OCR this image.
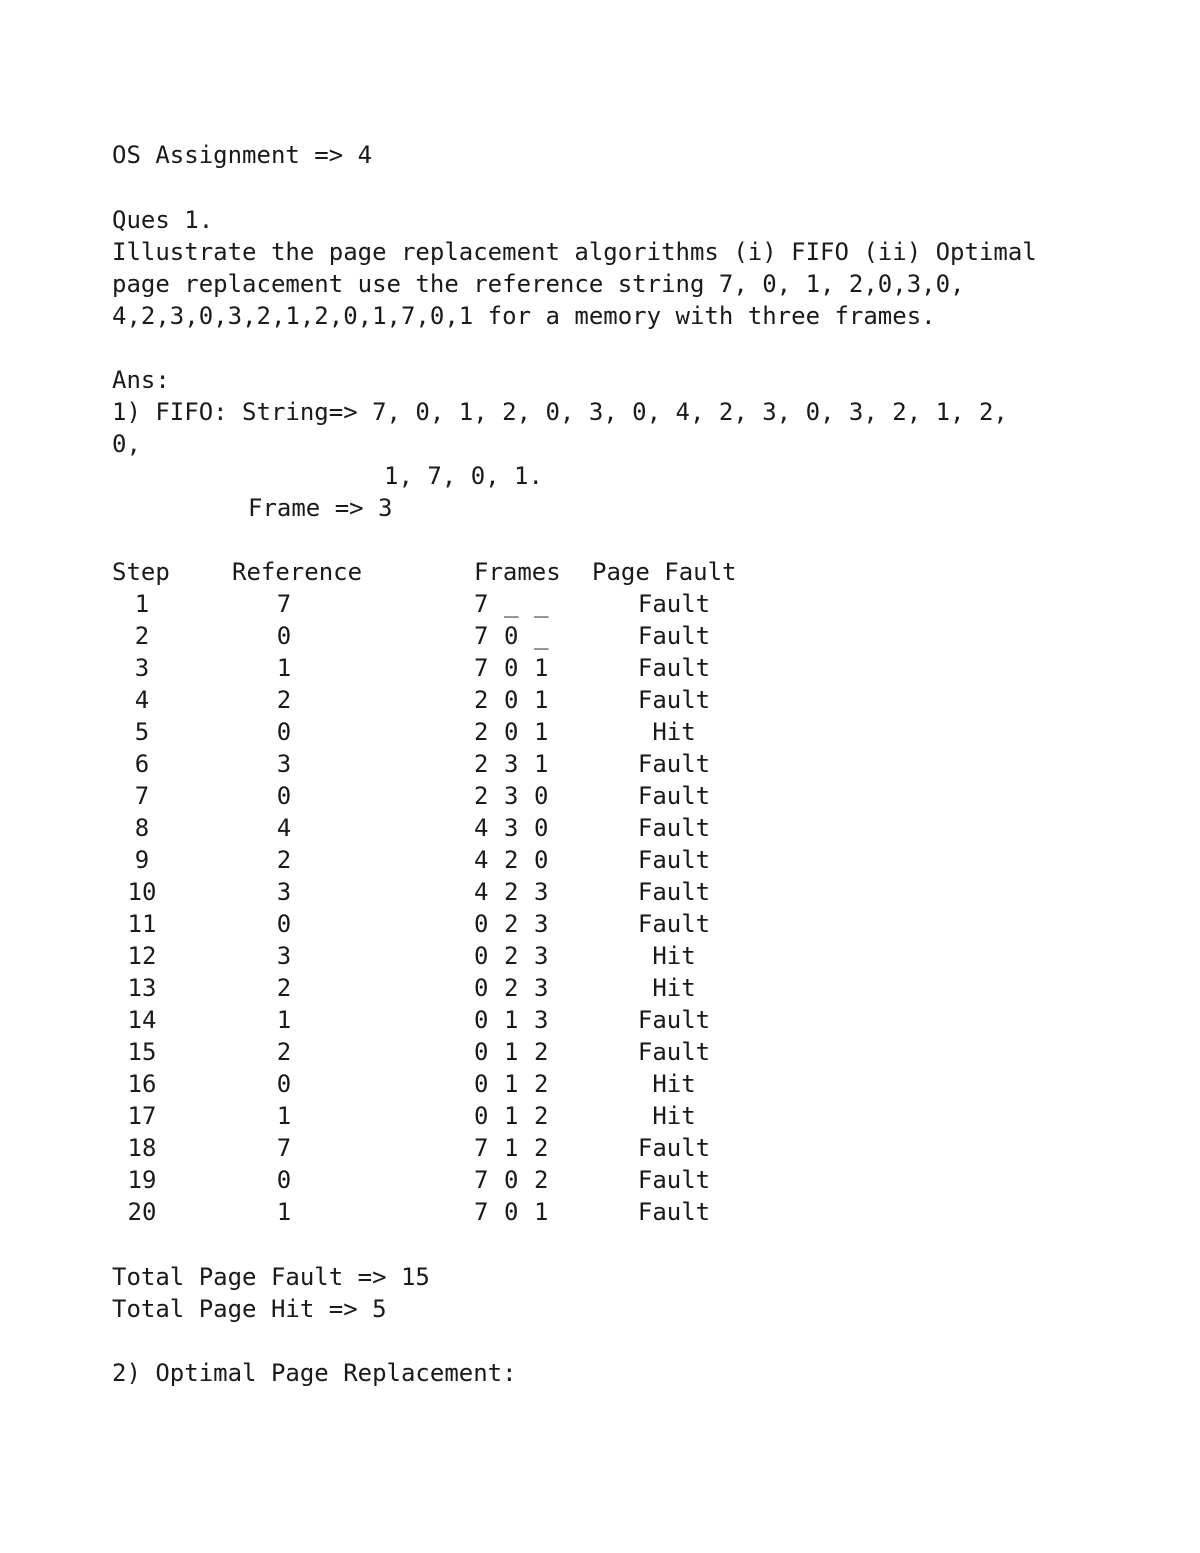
OS Assignment => 4
Ques 1.
Illustrate the page replacement algorithms (i) FIFO (ii) Optimal
page replacement use the reference string 7, 0, 1, 2,0,3,0,
4,2,3,0,3,2,1,2,0,1,7,0,1 for a memory with three frames.
Ans:
1) FIFO: String=> 7, 0, 1, 2, 0, 3, 0, 4, 2, 3, 0, 3, 2, 1, 2,
0,
1, 7, 0, 1.
Frame => 3
Step	Reference	Frames Page Fault
1	7	7 _ _	Fault
2	0	7 0 _	Fault
3	1	7 0 1	Fault
4	2	2 0 1	Fault
5	0	2 0 1	Hit
6	3	2 3 1	Fault
7	0	2 3 0	Fault
8	4	4 3 0	Fault
9	2	4 2 0	Fault
10	3	4 2 3	Fault
11	0	0 2 3	Fault
12	3	0 2 3	Hit
13	2	0 2 3	Hit
14	1	0 1 3	Fault
15	2	0 1 2	Fault
16	0	0 1 2	Hit
17	1	0 1 2	Hit
18	7	7 1 2	Fault
19	0	7 0 2	Fault
20	1	7 0 1	Fault
Total Page Fault => 15
Total Page Hit => 5
2) Optimal Page Replacement:
